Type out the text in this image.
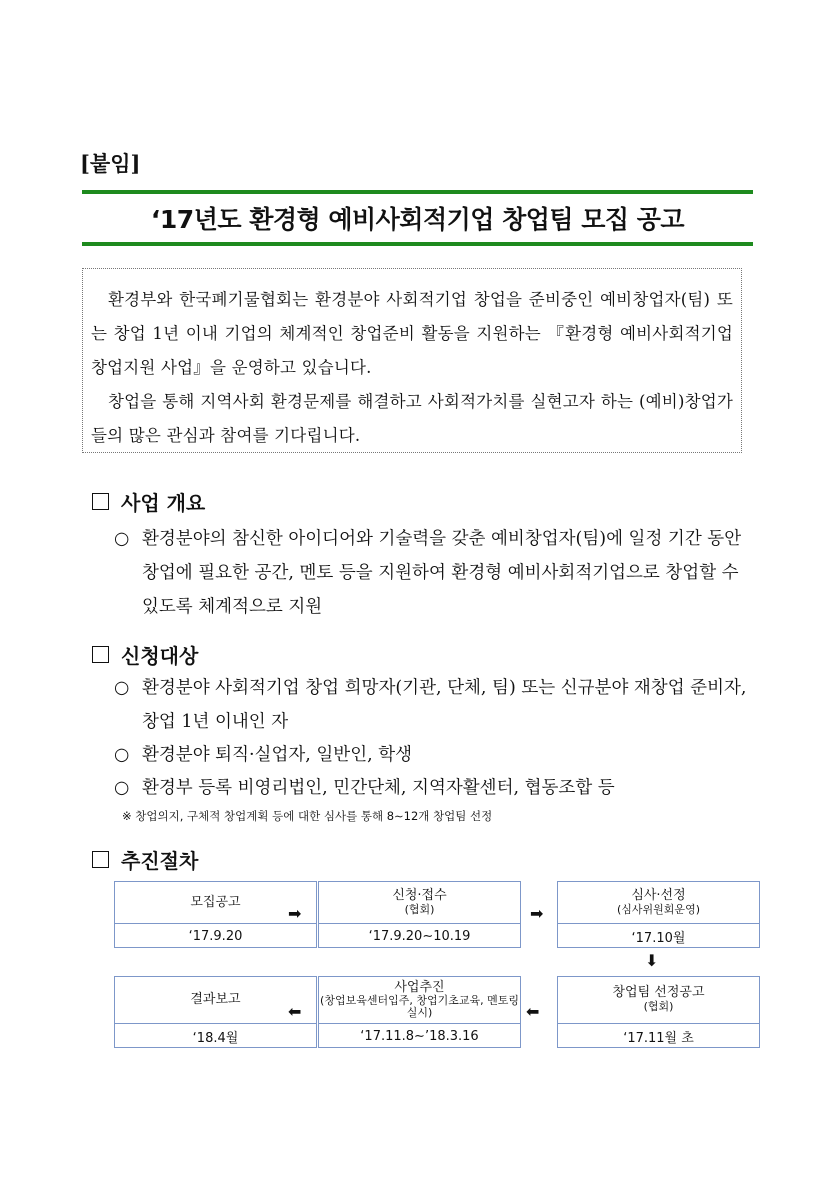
[붙임]
‘17년도 환경형 예비사회적기업 창업팀 모집 공고

환경부와 한국폐기물협회는 환경분야 사회적기업 창업을 준비중인 예비창업자(팀) 또는 창업 1년 이내 기업의 체계적인 창업준비 활동을 지원하는 『환경형 예비사회적기업 창업지원 사업』을 운영하고 있습니다.

창업을 통해 지역사회 환경문제를 해결하고 사회적가치를 실현고자 하는 (예비)창업가들의 많은 관심과 참여를 기다립니다.

사업 개요
○ 환경분야의 참신한 아이디어와 기술력을 갖춘 예비창업자(팀)에 일정 기간 동안 창업에 필요한 공간, 멘토 등을 지원하여 환경형 예비사회적기업으로 창업할 수 있도록 체계적으로 지원
신청대상
○ 환경분야 사회적기업 창업 희망자(기관, 단체, 팀) 또는 신규분야 재창업 준비자, 창업 1년 이내인 자
○ 환경분야 퇴직·실업자, 일반인, 학생
○ 환경부 등록 비영리법인, 민간단체, 지역자활센터, 협동조합 등
※ 창업의지, 구체적 창업계획 등에 대한 심사를 통해 8∼12개 창업팀 선정
추진절차
모집공고
‘17.9.20
➡
신청·접수
(협회)
‘17.9.20∼10.19
➡
심사·선정
(심사위원회운영)
‘17.10월
⬇
결과보고
‘18.4월
⬅
사업추진
(창업보육센터입주, 창업기초교육, 멘토링 실시)
‘17.11.8∼’18.3.16
⬅
창업팀 선정공고
(협회)
‘17.11월 초
